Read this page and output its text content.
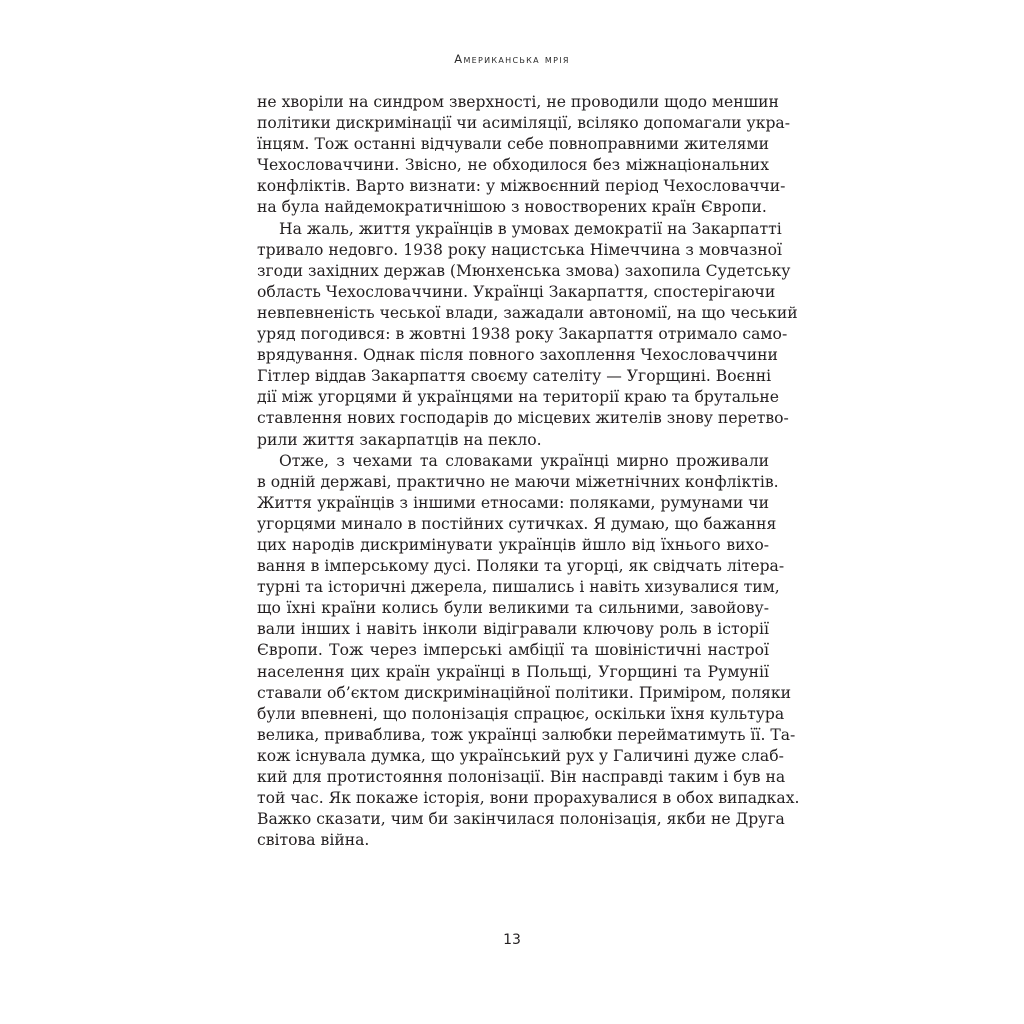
Американська мрія
не хворіли на синдром зверхності, не проводили щодо меншин
політики дискримінації чи асиміляції, всіляко допомагали укра-
їнцям. Тож останні відчували себе повноправними жителями
Чехословаччини. Звісно, не обходилося без міжнаціональних
конфліктів. Варто визнати: у міжвоєнний період Чехословаччи-
на була найдемократичнішою з новостворених країн Європи.
На жаль, життя українців в умовах демократії на Закарпатті
тривало недовго. 1938 року нацистська Німеччина з мовчазної
згоди західних держав (Мюнхенська змова) захопила Судетську
область Чехословаччини. Українці Закарпаття, спостерігаючи
невпевненість чеської влади, зажадали автономії, на що чеський
уряд погодився: в жовтні 1938 року Закарпаття отримало само-
врядування. Однак після повного захоплення Чехословаччини
Гітлер віддав Закарпаття своєму сателіту — Угорщині. Воєнні
дії між угорцями й українцями на території краю та брутальне
ставлення нових господарів до місцевих жителів знову перетво-
рили життя закарпатців на пекло.
Отже, з чехами та словаками українці мирно проживали
в одній державі, практично не маючи міжетнічних конфліктів.
Життя українців з іншими етносами: поляками, румунами чи
угорцями минало в постійних сутичках. Я думаю, що бажання
цих народів дискримінувати українців йшло від їхнього вихо-
вання в імперському дусі. Поляки та угорці, як свідчать літера-
турні та історичні джерела, пишались і навіть хизувалися тим,
що їхні країни колись були великими та сильними, завойову-
вали інших і навіть інколи відігравали ключову роль в історії
Європи. Тож через імперські амбіції та шовіністичні настрої
населення цих країн українці в Польщі, Угорщині та Румунії
ставали об’єктом дискримінаційної політики. Приміром, поляки
були впевнені, що полонізація спрацює, оскільки їхня культура
велика, приваблива, тож українці залюбки перейматимуть її. Та-
кож існувала думка, що український рух у Галичині дуже слаб-
кий для протистояння полонізації. Він насправді таким і був на
той час. Як покаже історія, вони прорахувалися в обох випадках.
Важко сказати, чим би закінчилася полонізація, якби не Друга
світова війна.
13
